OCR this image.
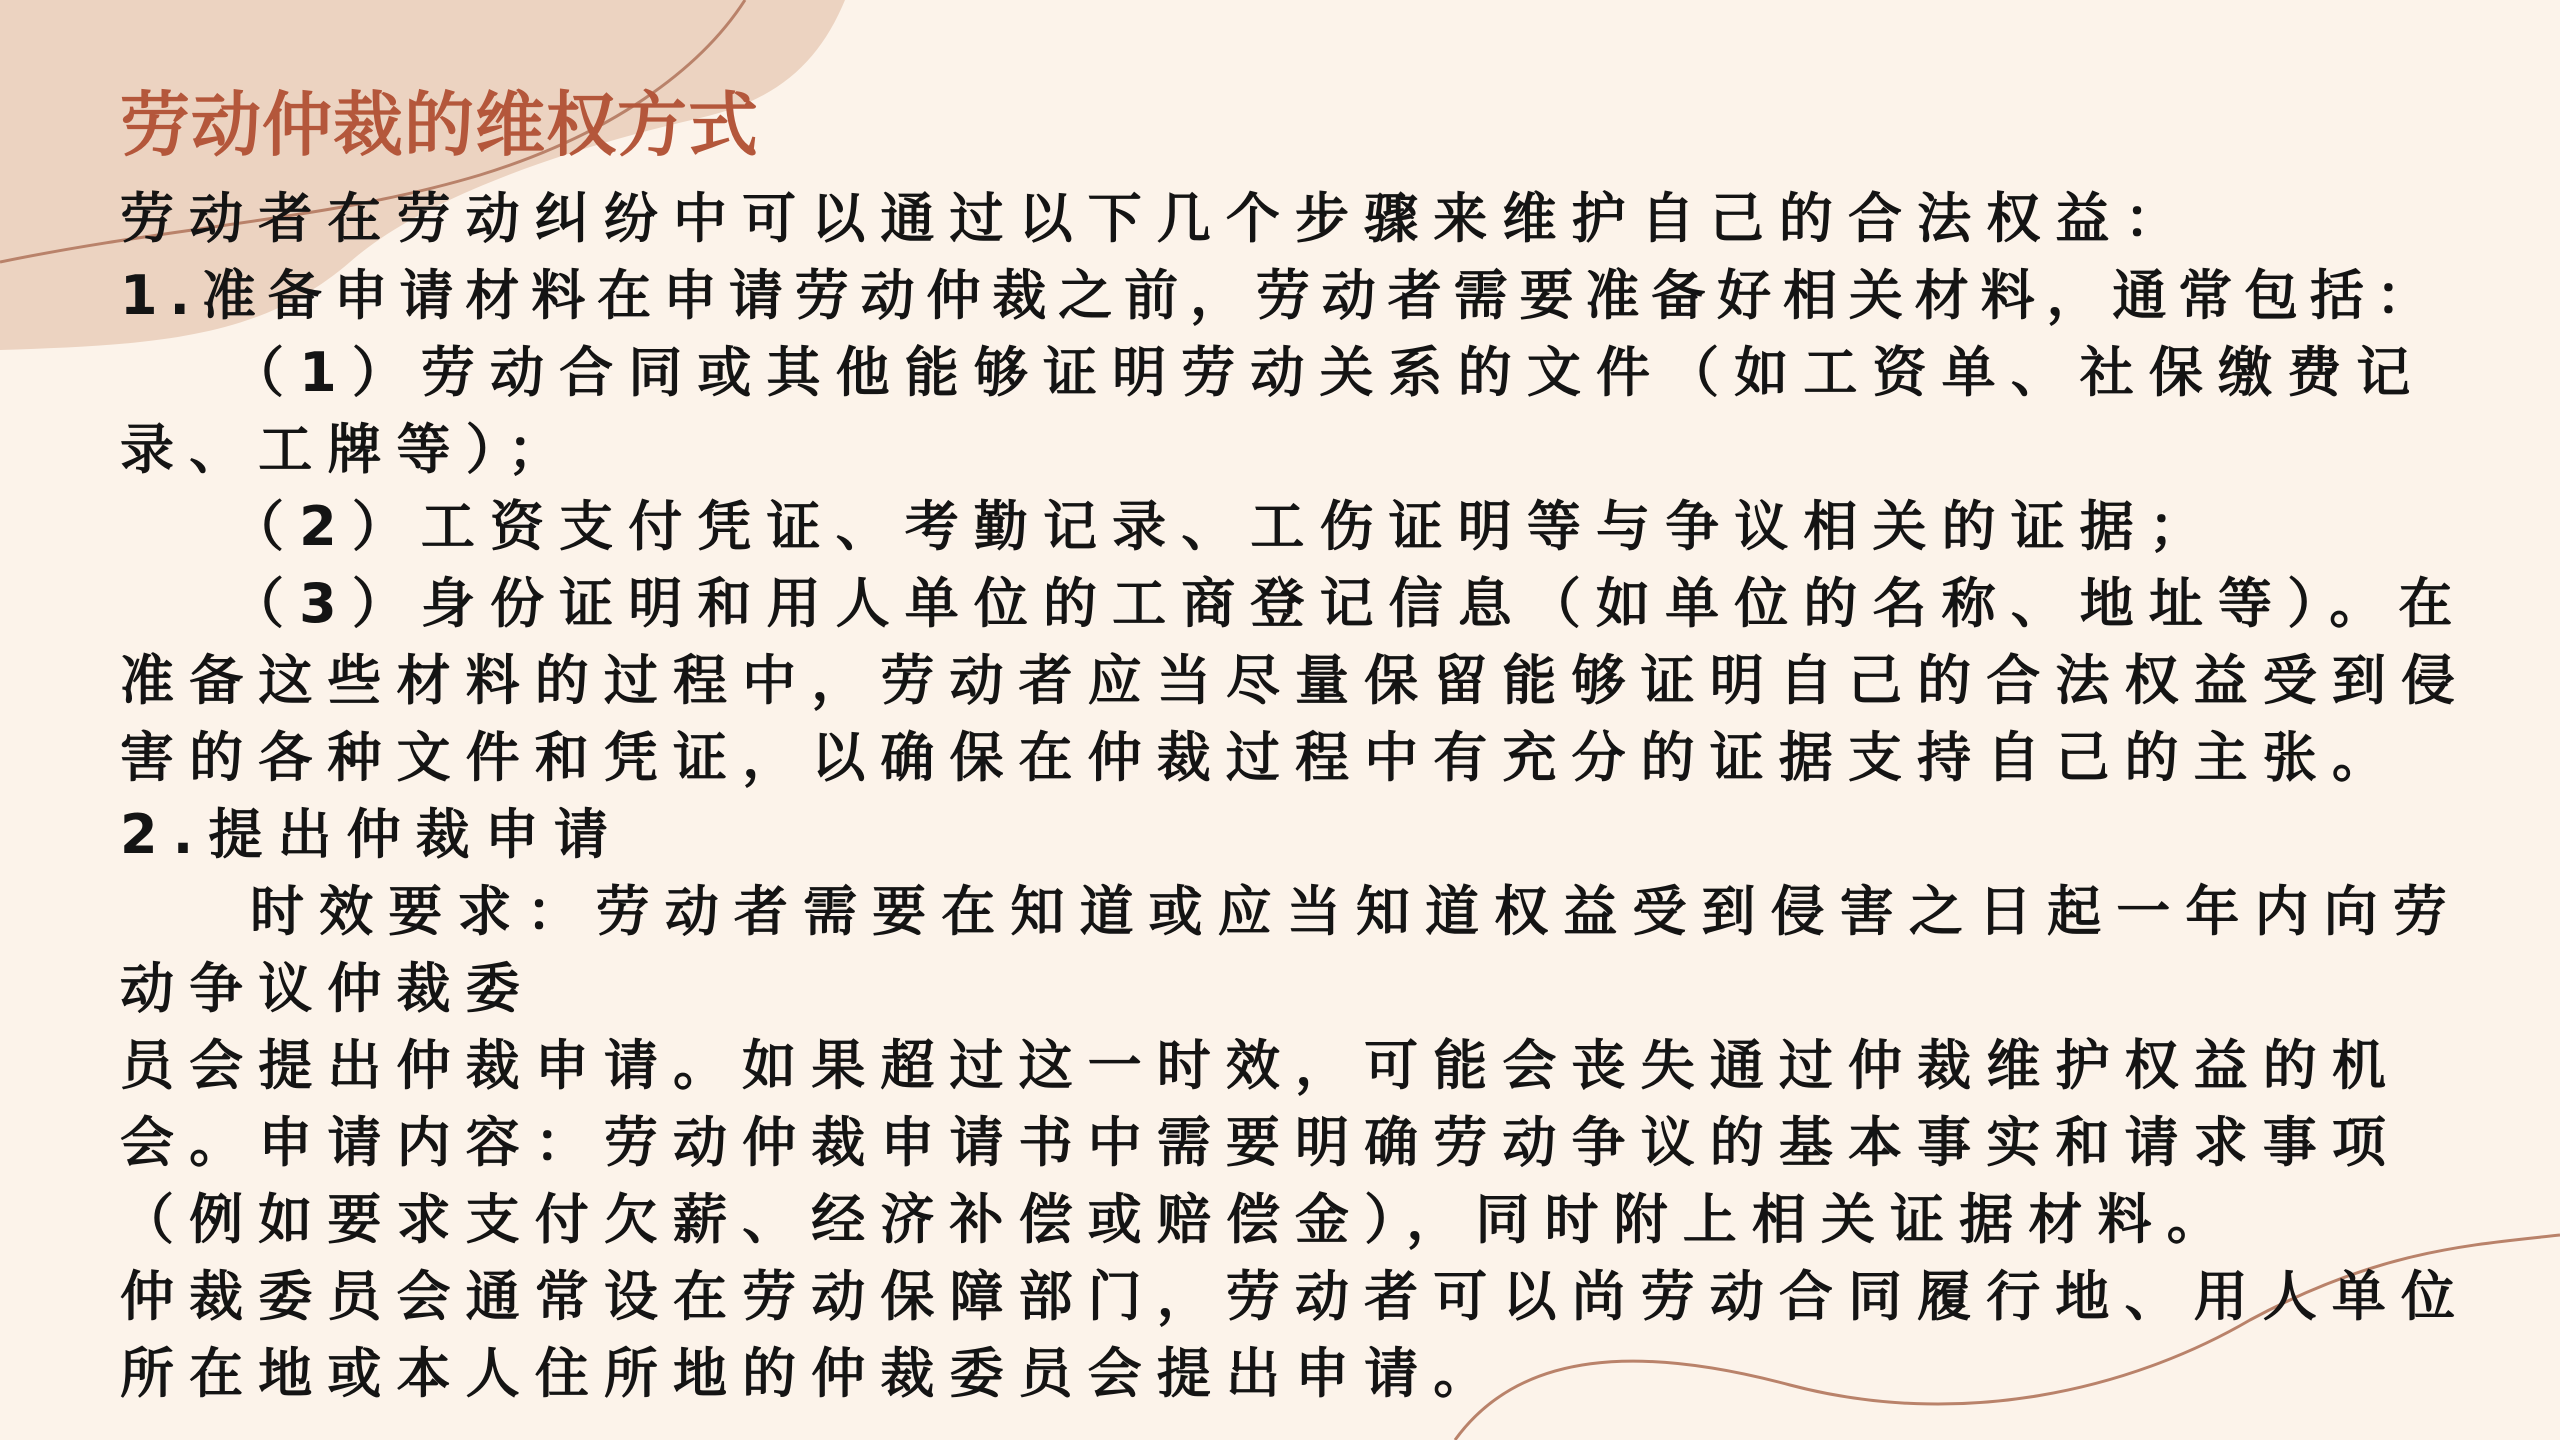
劳动仲裁的维权方式

劳动者在劳动纠纷中可以通过以下几个步骤来维护自己的合法权益：

1.准备申请材料在申请劳动仲裁之前，劳动者需要准备好相关材料，通常包括：

（1）劳动合同或其他能够证明劳动关系的文件（如工资单、社保缴费记录、工牌等）；

（2）工资支付凭证、考勤记录、工伤证明等与争议相关的证据；

（3）身份证明和用人单位的工商登记信息（如单位的名称、地址等）。在准备这些材料的过程中，劳动者应当尽量保留能够证明自己的合法权益受到侵害的各种文件和凭证，以确保在仲裁过程中有充分的证据支持自己的主张。

2.提出仲裁申请

时效要求：劳动者需要在知道或应当知道权益受到侵害之日起一年内向劳动争议仲裁委

员会提出仲裁申请。如果超过这一时效，可能会丧失通过仲裁维护权益的机会。申请内容：劳动仲裁申请书中需要明确劳动争议的基本事实和请求事项（例如要求支付欠薪、经济补偿或赔偿金），同时附上相关证据材料。

仲裁委员会通常设在劳动保障部门，劳动者可以尚劳动合同履行地、用人单位所在地或本人住所地的仲裁委员会提出申请。
